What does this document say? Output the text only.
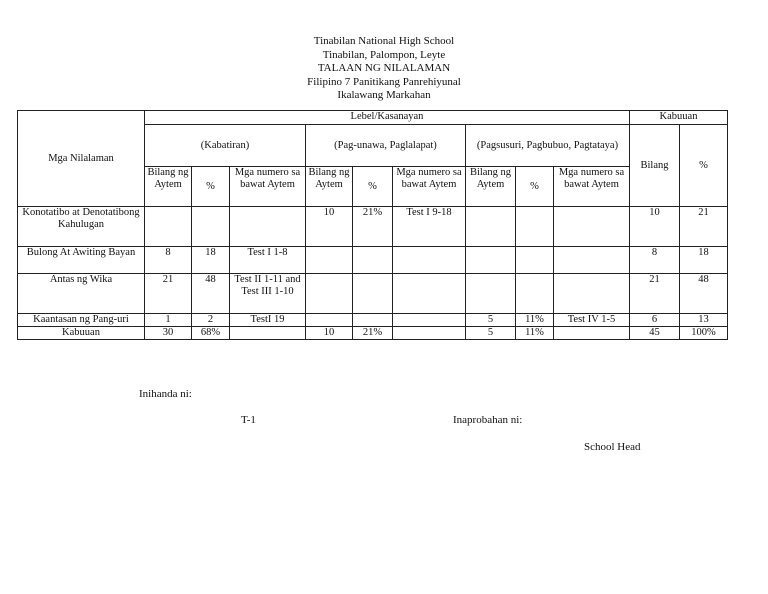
Tinabilan National High School
Tinabilan, Palompon, Leyte
TALAAN NG NILALAMAN
Filipino 7 Panitikang Panrehiyunal
Ikalawang Markahan
Mga Nilalaman	Lebel/Kasanayan									Kabuuan	
	(Kabatiran)			(Pag-unawa, Paglalapat)			(Pagsusuri, Pagbubuo, Pagtataya)			Bilang	%
	Bilang ng Aytem	%	Mga numero sa bawat Aytem	Bilang ng Aytem	%	Mga numero sa bawat Aytem	Bilang ng Aytem	%	Mga numero sa bawat Aytem		
Konotatibo at Denotatibong Kahulugan				10	21%	Test I 9-18				10	21
Bulong At Awiting Bayan	8	18	Test I 1-8							8	18
Antas ng Wika	21	48	Test II 1-11 and Test III 1-10							21	48
Kaantasan ng Pang-uri	1	2	TestI 19				5	11%	Test IV 1-5	6	13
Kabuuan	30	68%		10	21%		5	11%		45	100%
Inihanda ni:
T-1	Inaprobahan ni:
School Head
